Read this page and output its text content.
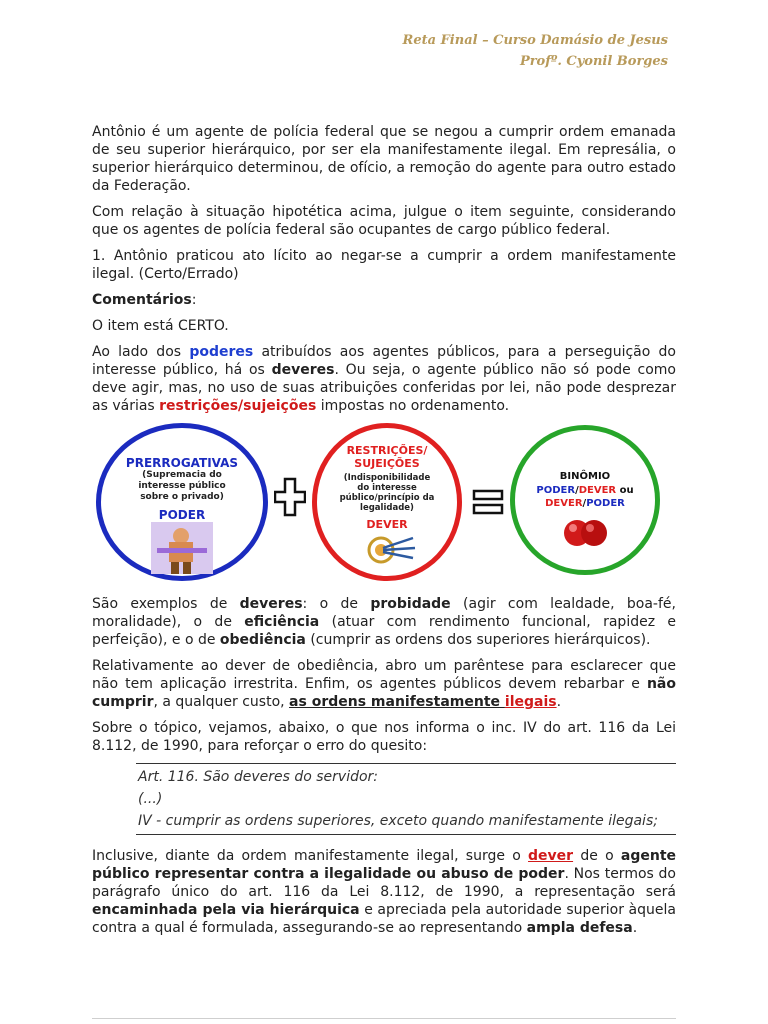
Reta Final – Curso Damásio de Jesus
Profº. Cyonil Borges

Antônio é um agente de polícia federal que se negou a cumprir ordem emanada de seu superior hierárquico, por ser ela manifestamente ilegal. Em represália, o superior hierárquico determinou, de ofício, a remoção do agente para outro estado da Federação.

Com relação à situação hipotética acima, julgue o item seguinte, considerando que os agentes de polícia federal são ocupantes de cargo público federal.

1. Antônio praticou ato lícito ao negar-se a cumprir a ordem manifestamente ilegal. (Certo/Errado)

Comentários:

O item está CERTO.

Ao lado dos poderes atribuídos aos agentes públicos, para a perseguição do interesse público, há os deveres. Ou seja, o agente público não só pode como deve agir, mas, no uso de suas atribuições conferidas por lei, não pode desprezar as várias restrições/sujeições impostas no ordenamento.

PRERROGATIVAS
(Supremacia do interesse público sobre o privado)
PODER
RESTRIÇÕES/ SUJEIÇÕES
(Indisponibilidade do interesse público/princípio da legalidade)
DEVER
BINÔMIO
PODER/DEVER ou
DEVER/PODER

São exemplos de deveres: o de probidade (agir com lealdade, boa-fé, moralidade), o de eficiência (atuar com rendimento funcional, rapidez e perfeição), e o de obediência (cumprir as ordens dos superiores hierárquicos).

Relativamente ao dever de obediência, abro um parêntese para esclarecer que não tem aplicação irrestrita. Enfim, os agentes públicos devem rebarbar e não cumprir, a qualquer custo, as ordens manifestamente ilegais.

Sobre o tópico, vejamos, abaixo, o que nos informa o inc. IV do art. 116 da Lei 8.112, de 1990, para reforçar o erro do quesito:

Art. 116. São deveres do servidor:
(...)
IV - cumprir as ordens superiores, exceto quando manifestamente ilegais;

Inclusive, diante da ordem manifestamente ilegal, surge o dever de o agente público representar contra a ilegalidade ou abuso de poder. Nos termos do parágrafo único do art. 116 da Lei 8.112, de 1990, a representação será encaminhada pela via hierárquica e apreciada pela autoridade superior àquela contra a qual é formulada, assegurando-se ao representando ampla defesa.
